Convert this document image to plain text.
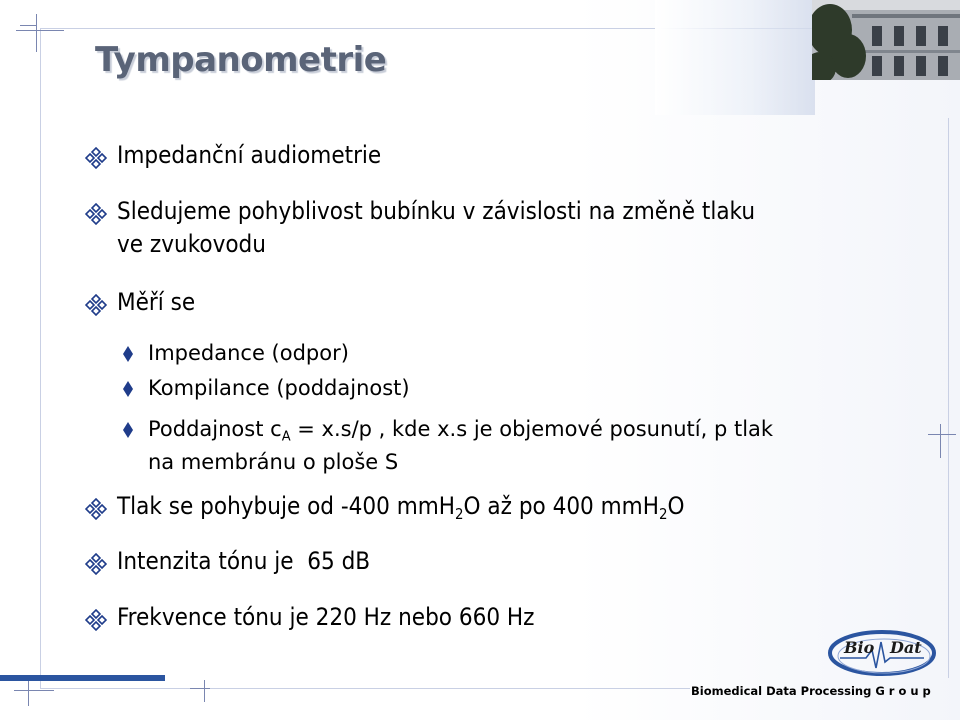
Tympanometrie
Impedanční audiometrie
Sledujeme pohyblivost bubínku v závislosti na změně tlaku
ve zvukovodu
Měří se
Impedance (odpor)
Kompilance (poddajnost)
Poddajnost $c_A = x.s/p$ , kde x.s je objemové posunutí, p tlak
na membránu o ploše S
Tlak se pohybuje od -400 mmH$_2$O až po 400 mmH$_2$O
Intenzita tónu je  65 dB
Frekvence tónu je 220 Hz nebo 660 Hz
Bio Dat
Biomedical Data Processing G r o u p
